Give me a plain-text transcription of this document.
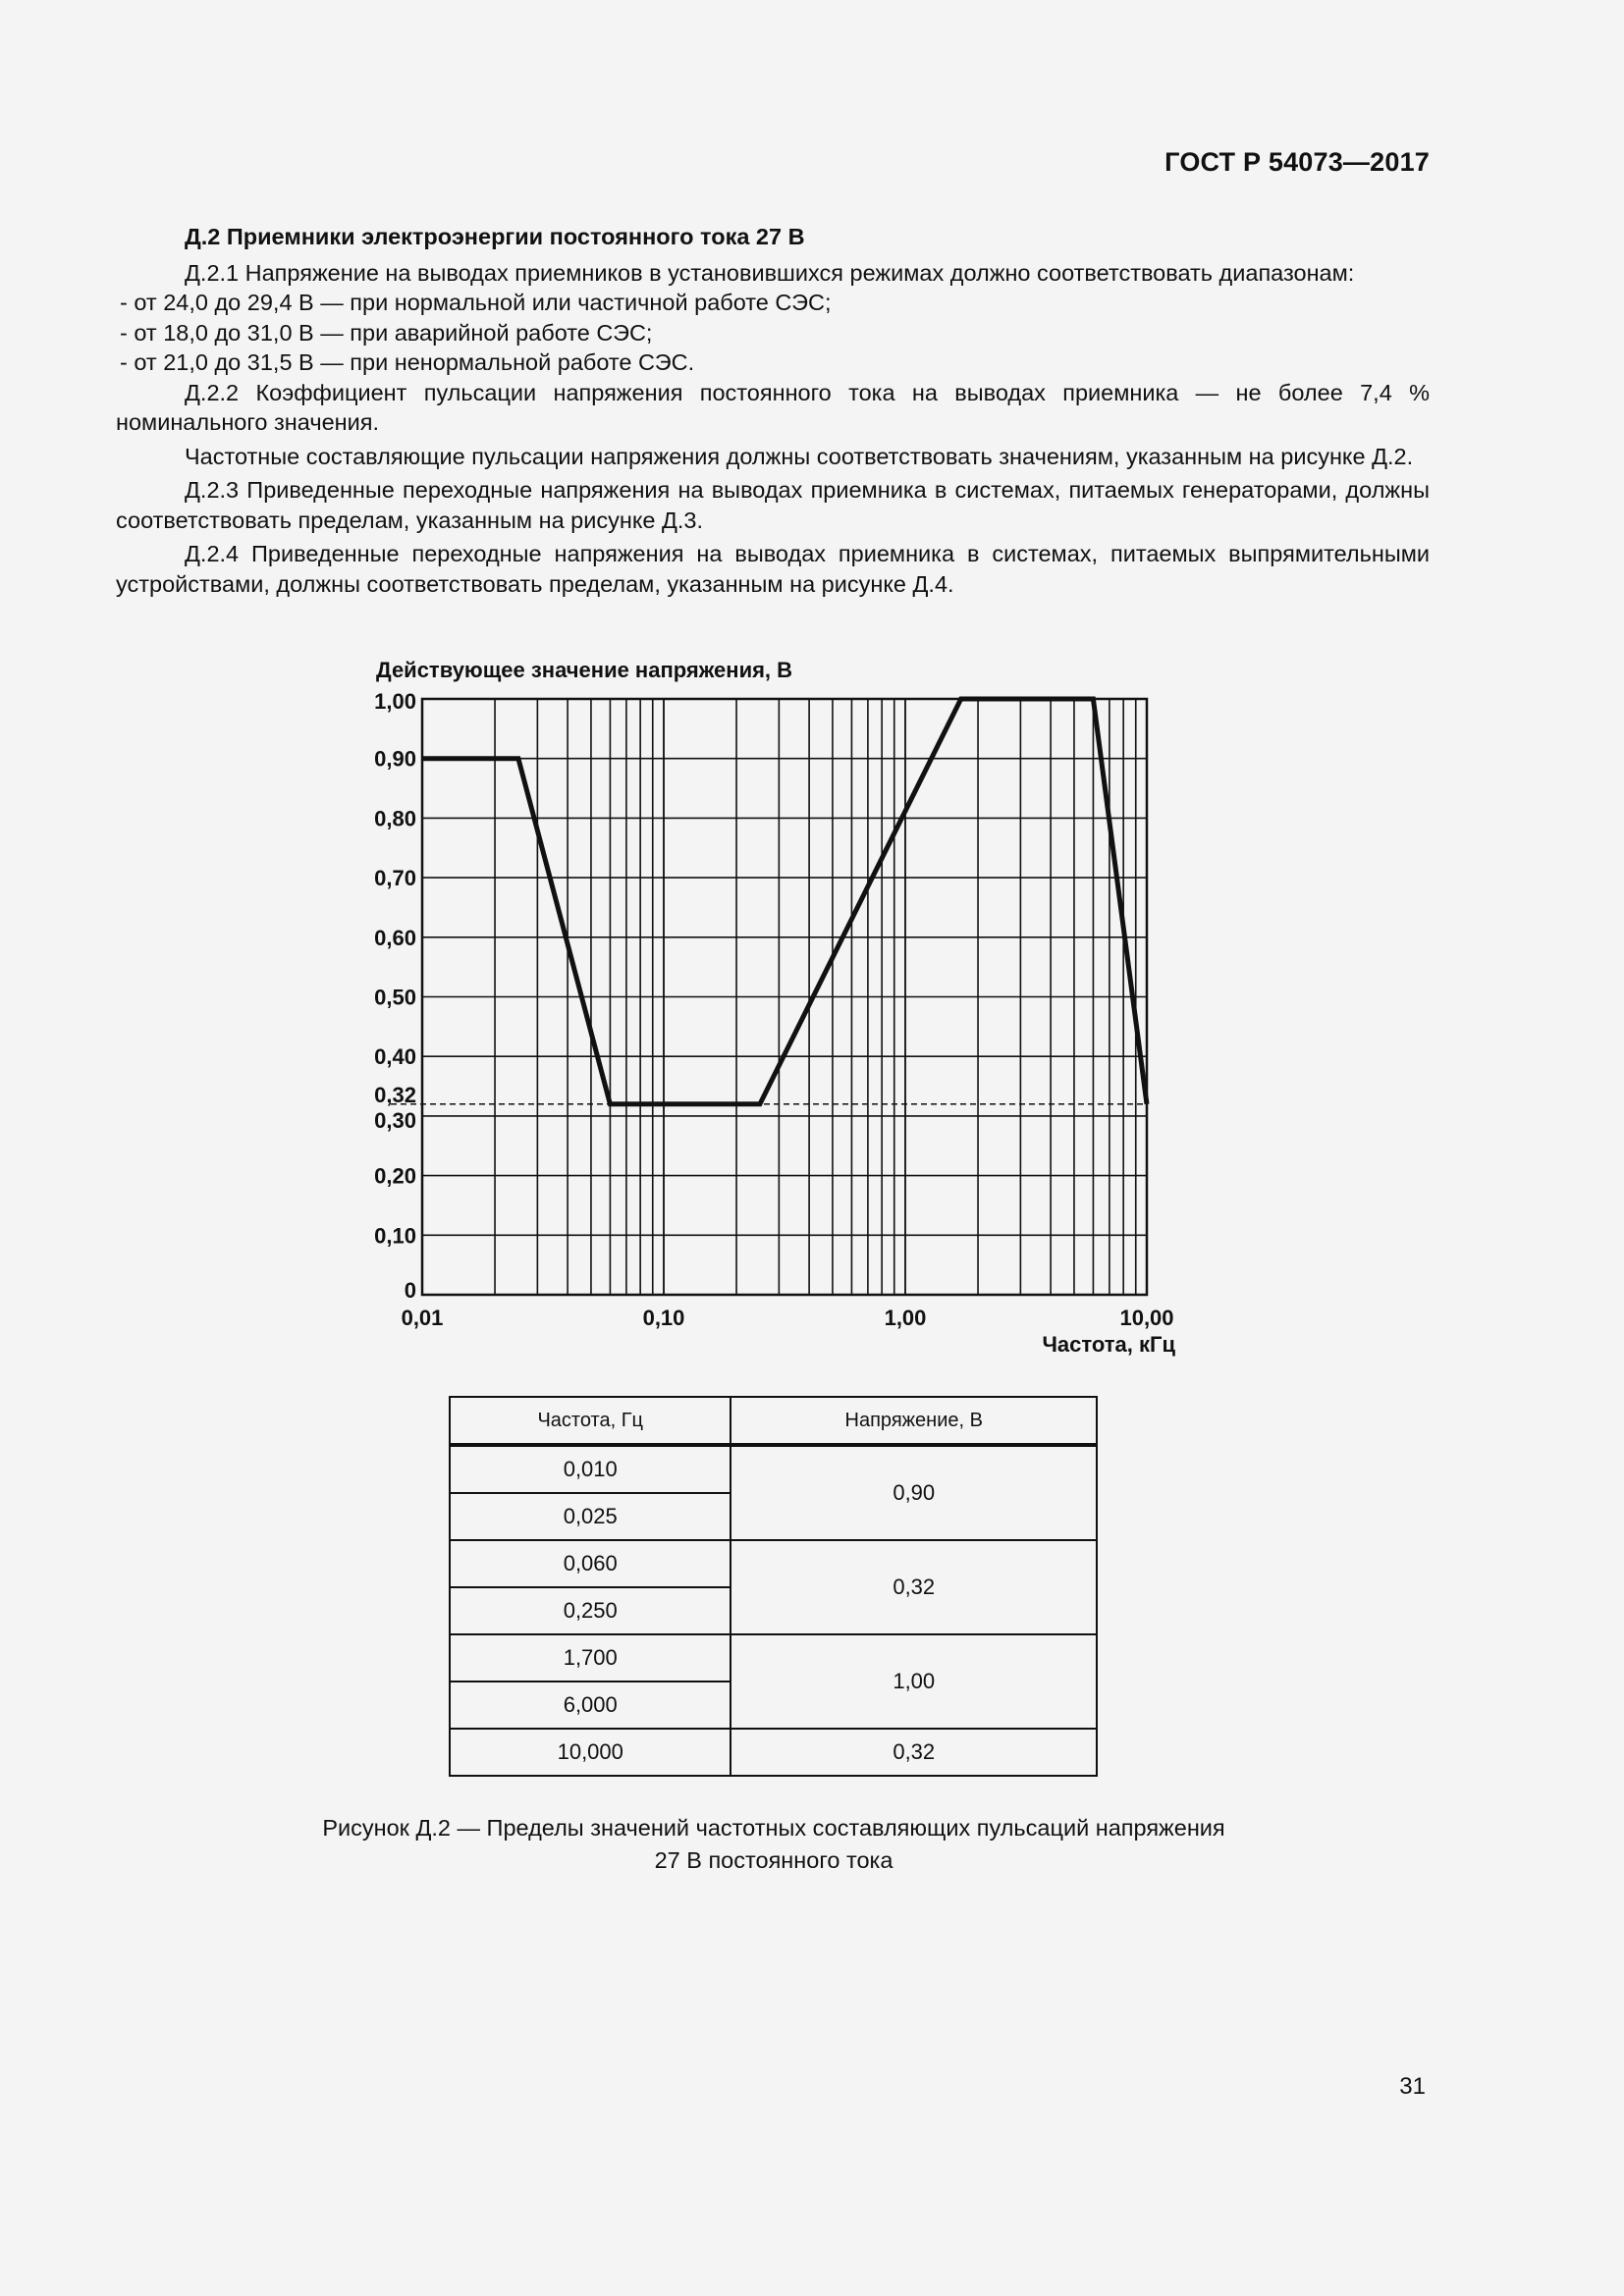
ГОСТ Р 54073—2017

Д.2 Приемники электроэнергии постоянного тока 27 В

Д.2.1 Напряжение на выводах приемников в установившихся режимах должно соответствовать диапазонам:

- от 24,0 до 29,4 В — при нормальной или частичной работе СЭС;

- от 18,0 до 31,0 В — при аварийной работе СЭС;

- от 21,0 до 31,5 В — при ненормальной работе СЭС.

Д.2.2 Коэффициент пульсации напряжения постоянного тока на выводах приемника — не более 7,4 % номинального значения.

Частотные составляющие пульсации напряжения должны соответствовать значениям, указанным на рисунке Д.2.

Д.2.3 Приведенные переходные напряжения на выводах приемника в системах, питаемых генераторами, должны соответствовать пределам, указанным на рисунке Д.3.

Д.2.4 Приведенные переходные напряжения на выводах приемника в системах, питаемых выпрямительными устройствами, должны соответствовать пределам, указанным на рисунке Д.4.

0
0,10
0,20
0,30
0,32
0,40
0,50
0,60
0,70
0,80
0,90
1,00
0,01	0,10	1,00	10,00
Действующее значение напряжения, В
Частота, кГц
Частота, Гц	Напряжение, В
0,010	0,90
0,025	
0,060	0,32
0,250	
1,700	1,00
6,000	
10,000	0,32
Рисунок Д.2 — Пределы значений частотных составляющих пульсаций напряжения
27 В постоянного тока
31
